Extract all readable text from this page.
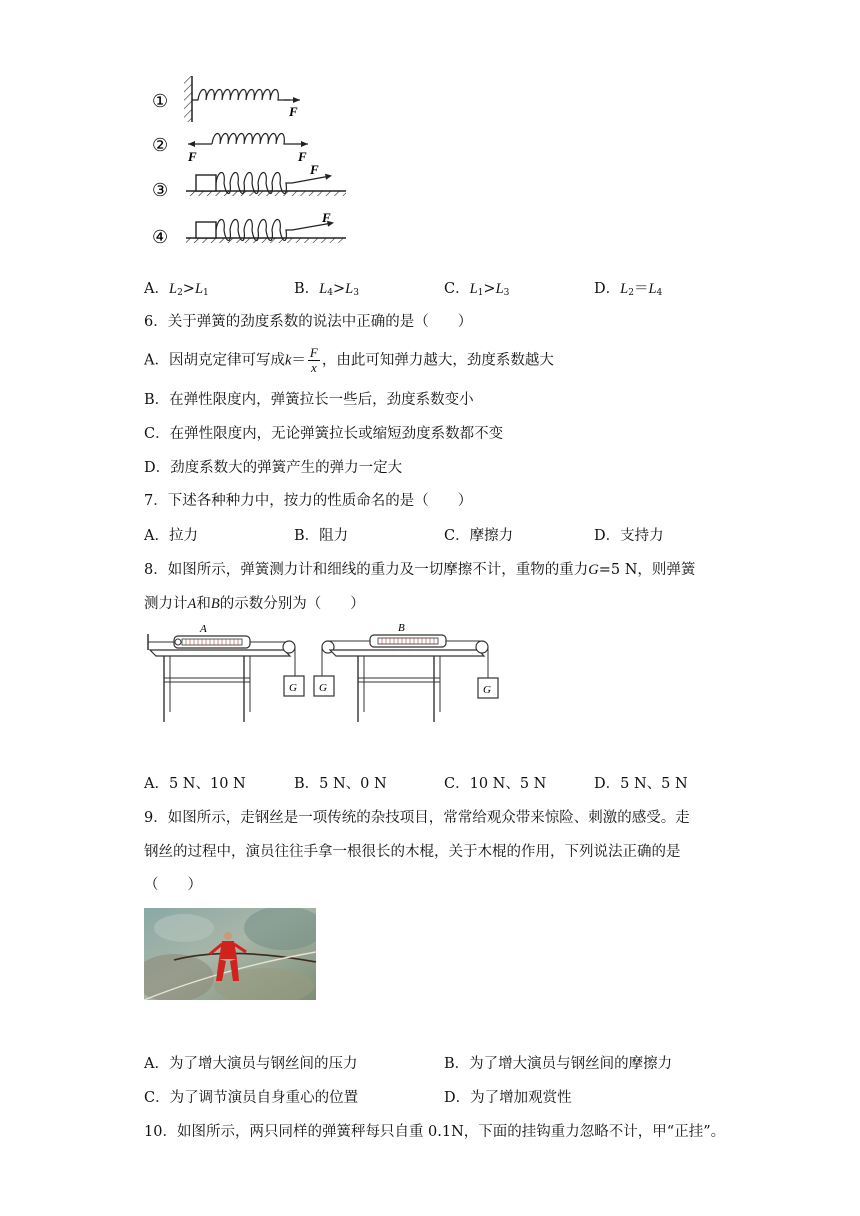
①
②
③
④
F
F	F
F
F
A．$L_2>L_1$	B．$L_4>L_3$	C．$L_1>L_3$	D．$L_2=L_4$
6．关于弹簧的劲度系数的说法中正确的是（　　）
A．因胡克定律可写成$k= \frac{F}{x}$ ，由此可知弹力越大，劲度系数越大
B．在弹性限度内，弹簧拉长一些后，劲度系数变小
C．在弹性限度内，无论弹簧拉长或缩短劲度系数都不变
D．劲度系数大的弹簧产生的弹力一定大
7．下述各种种力中，按力的性质命名的是（　　）
A．拉力	B．阻力	C．摩擦力	D．支持力
8．如图所示，弹簧测力计和细线的重力及一切摩擦不计，重物的重力G=5 N，则弹簧
测力计A和B的示数分别为（　　）
A
G G
B
G
A．5 N、10 N	B．5 N、0 N	C．10 N、5 N	D．5 N、5 N
9．如图所示，走钢丝是一项传统的杂技项目，常常给观众带来惊险、刺激的感受。走
钢丝的过程中，演员往往手拿一根很长的木棍，关于木棍的作用，下列说法正确的是
（　　）
A．为了增大演员与钢丝间的压力	B．为了增大演员与钢丝间的摩擦力
C．为了调节演员自身重心的位置	D．为了增加观赏性
10．如图所示，两只同样的弹簧秤每只自重 0.1N，下面的挂钩重力忽略不计，甲“正挂”。
